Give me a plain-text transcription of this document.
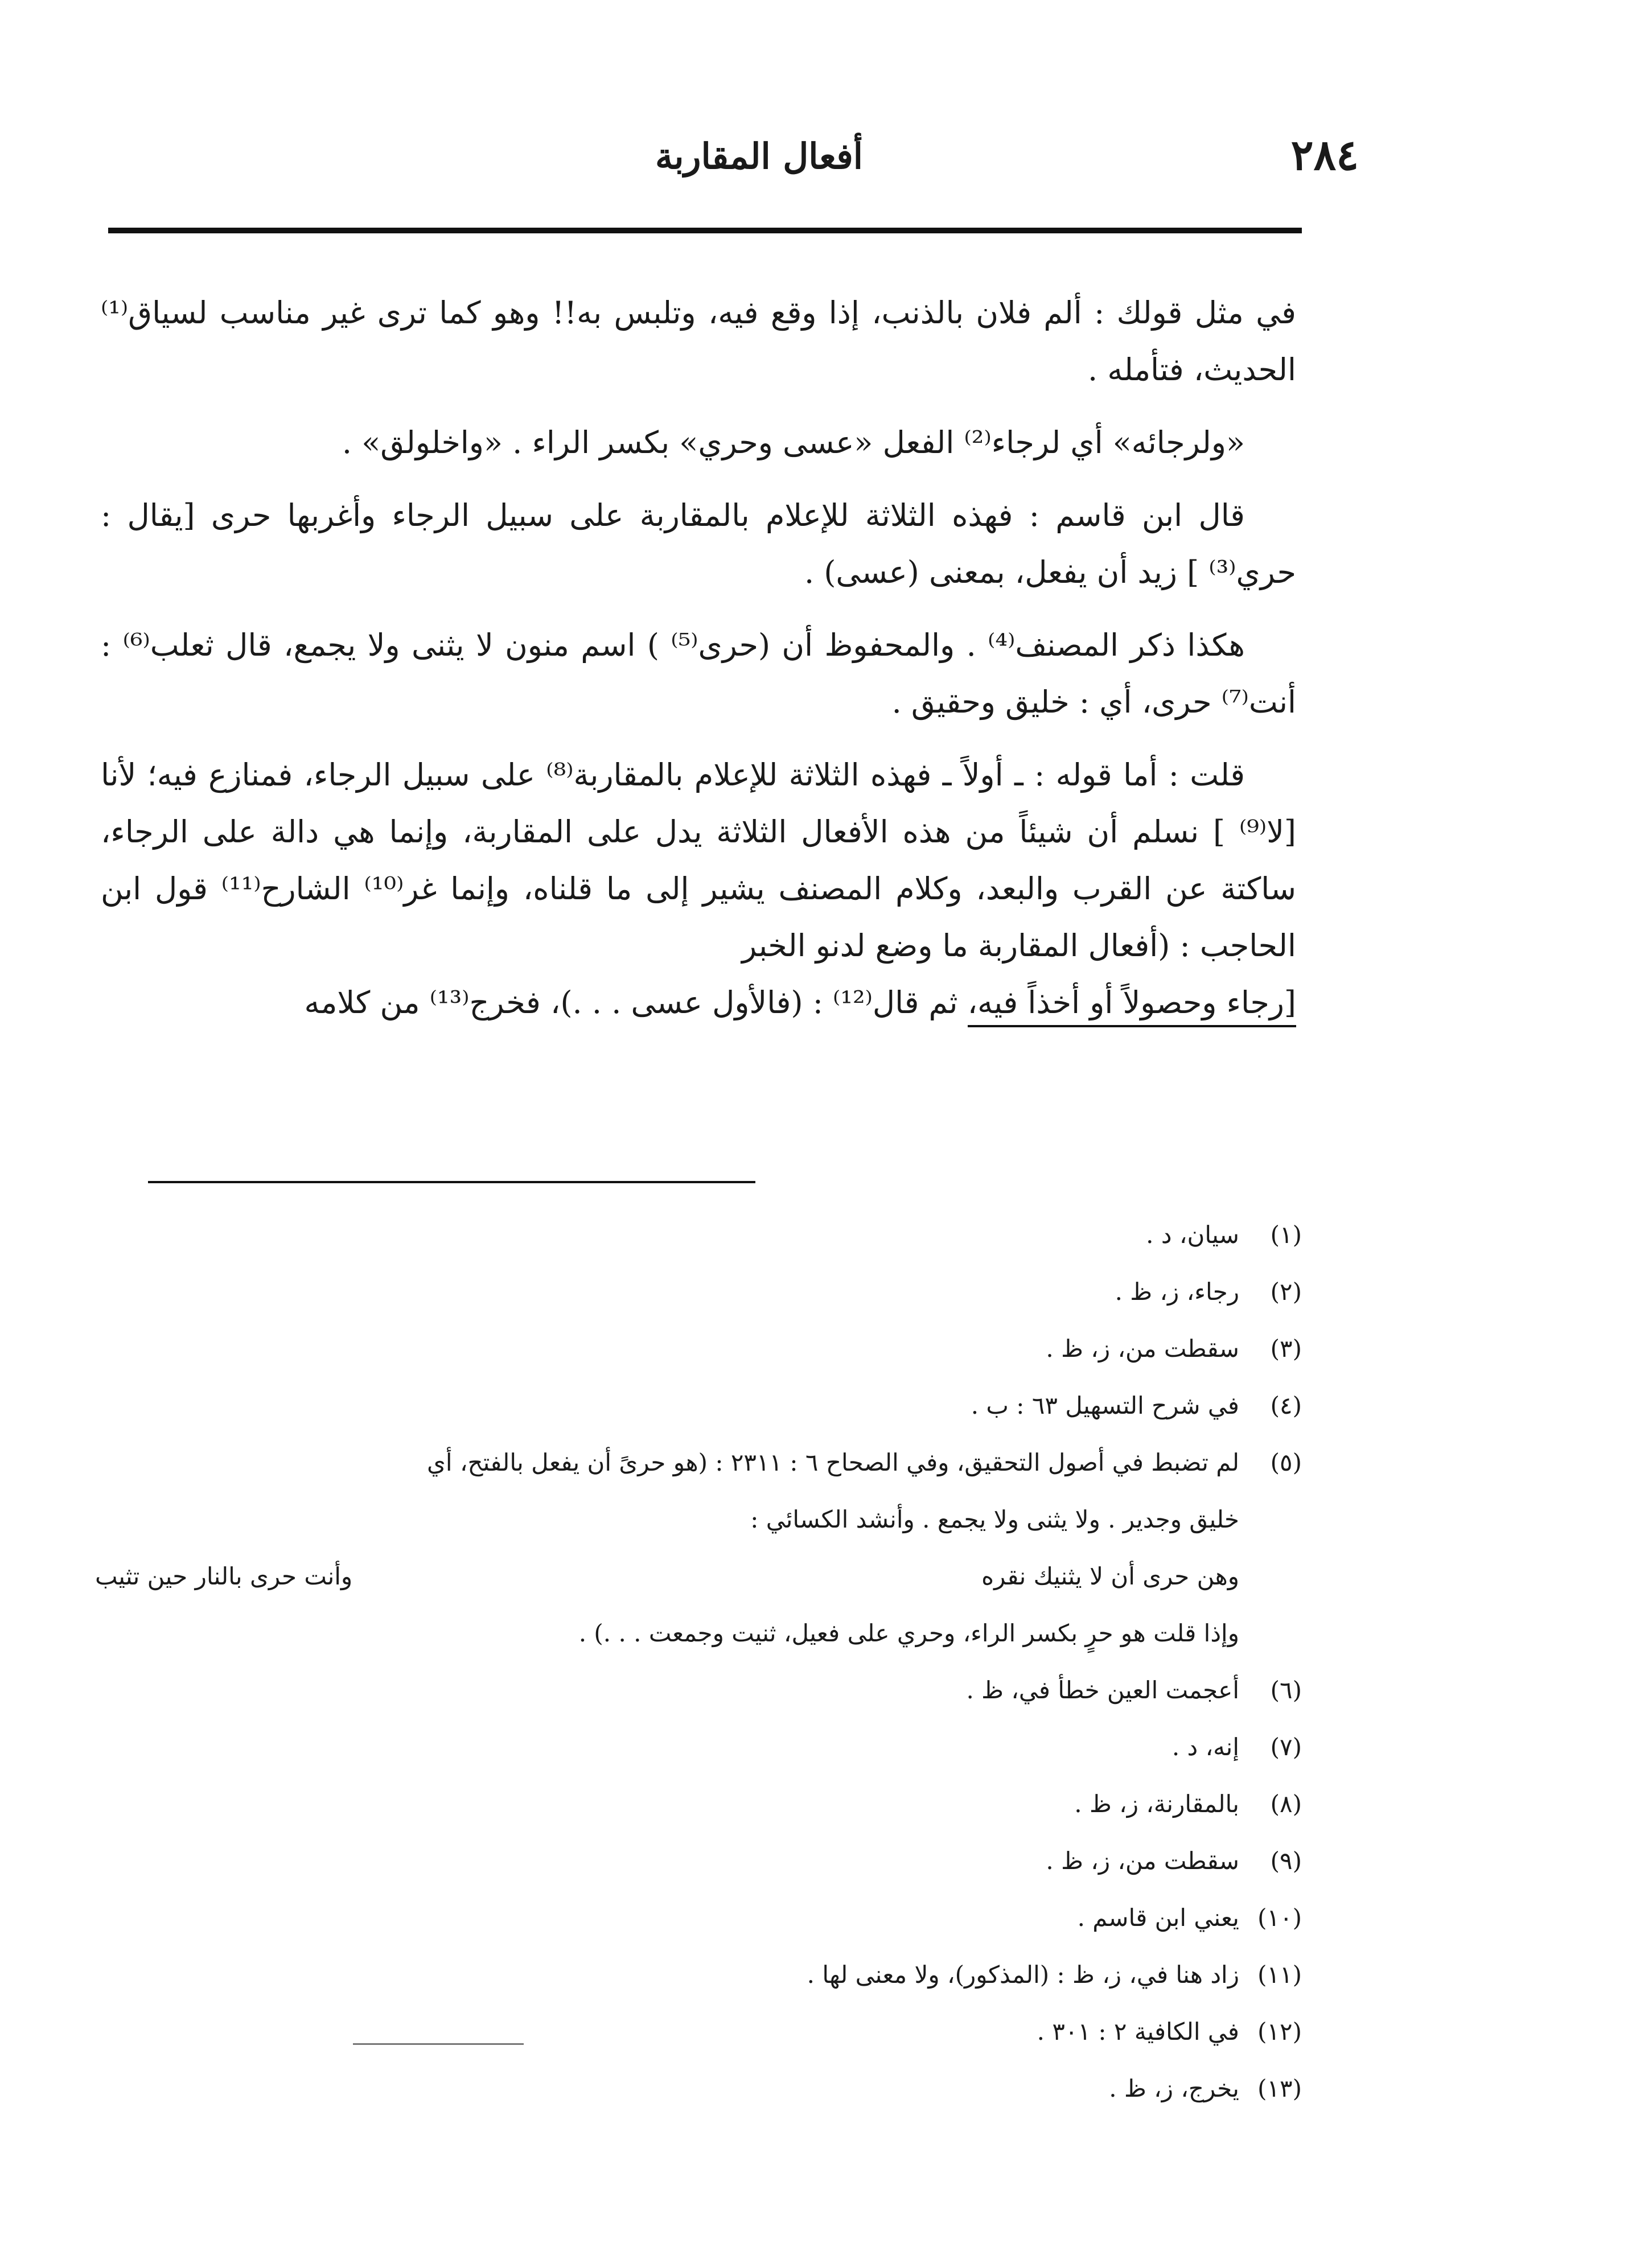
٢٨٤
أفعال المقاربة

في مثل قولك : ألم فلان بالذنب، إذا وقع فيه، وتلبس به!! وهو كما ترى غير مناسب لسياق⁽¹⁾ الحديث، فتأمله .

«ولرجائه» أي لرجاء⁽²⁾ الفعل «عسى وحري» بكسر الراء . «واخلولق» .

قال ابن قاسم : فهذه الثلاثة للإعلام بالمقاربة على سبيل الرجاء وأغربها حرى [يقال : حري⁽³⁾ ] زيد أن يفعل، بمعنى (عسى) .

هكذا ذكر المصنف⁽⁴⁾ . والمحفوظ أن (حرى⁽⁵⁾ ) اسم منون لا يثنى ولا يجمع، قال ثعلب⁽⁶⁾ : أنت⁽⁷⁾ حرى، أي : خليق وحقيق .

قلت : أما قوله : ـ أولاً ـ فهذه الثلاثة للإعلام بالمقاربة⁽⁸⁾ على سبيل الرجاء، فمنازع فيه؛ لأنا [لا⁽⁹⁾ ] نسلم أن شيئاً من هذه الأفعال الثلاثة يدل على المقاربة، وإنما هي دالة على الرجاء، ساكتة عن القرب والبعد، وكلام المصنف يشير إلى ما قلناه، وإنما غر⁽¹⁰⁾ الشارح⁽¹¹⁾ قول ابن الحاجب : (أفعال المقاربة ما وضع لدنو الخبر

[رجاء وحصولاً أو أخذاً فيه، ثم قال⁽¹²⁾ : (فالأول عسى . . .)، فخرج⁽¹³⁾ من كلامه

(١)
سيان، د .
(٢)
رجاء، ز، ظ .
(٣)
سقطت من، ز، ظ .
(٤)
في شرح التسهيل ٦٣ : ب .
(٥)
لم تضبط في أصول التحقيق، وفي الصحاح ٦ : ٢٣١١ : (هو حرىً أن يفعل بالفتح، أي
خليق وجدير . ولا يثنى ولا يجمع . وأنشد الكسائي :
وهن حرى أن لا يثنيك نقره
وأنت حرى بالنار حين تثيب
وإذا قلت هو حرٍ بكسر الراء، وحري على فعيل، ثنيت وجمعت . . .) .
(٦)
أعجمت العين خطأ في، ظ .
(٧)
إنه، د .
(٨)
بالمقارنة، ز، ظ .
(٩)
سقطت من، ز، ظ .
(١٠)
يعني ابن قاسم .
(١١)
زاد هنا في، ز، ظ : (المذكور)، ولا معنى لها .
(١٢)
في الكافية ٢ : ٣٠١ .
(١٣)
يخرج، ز، ظ .
